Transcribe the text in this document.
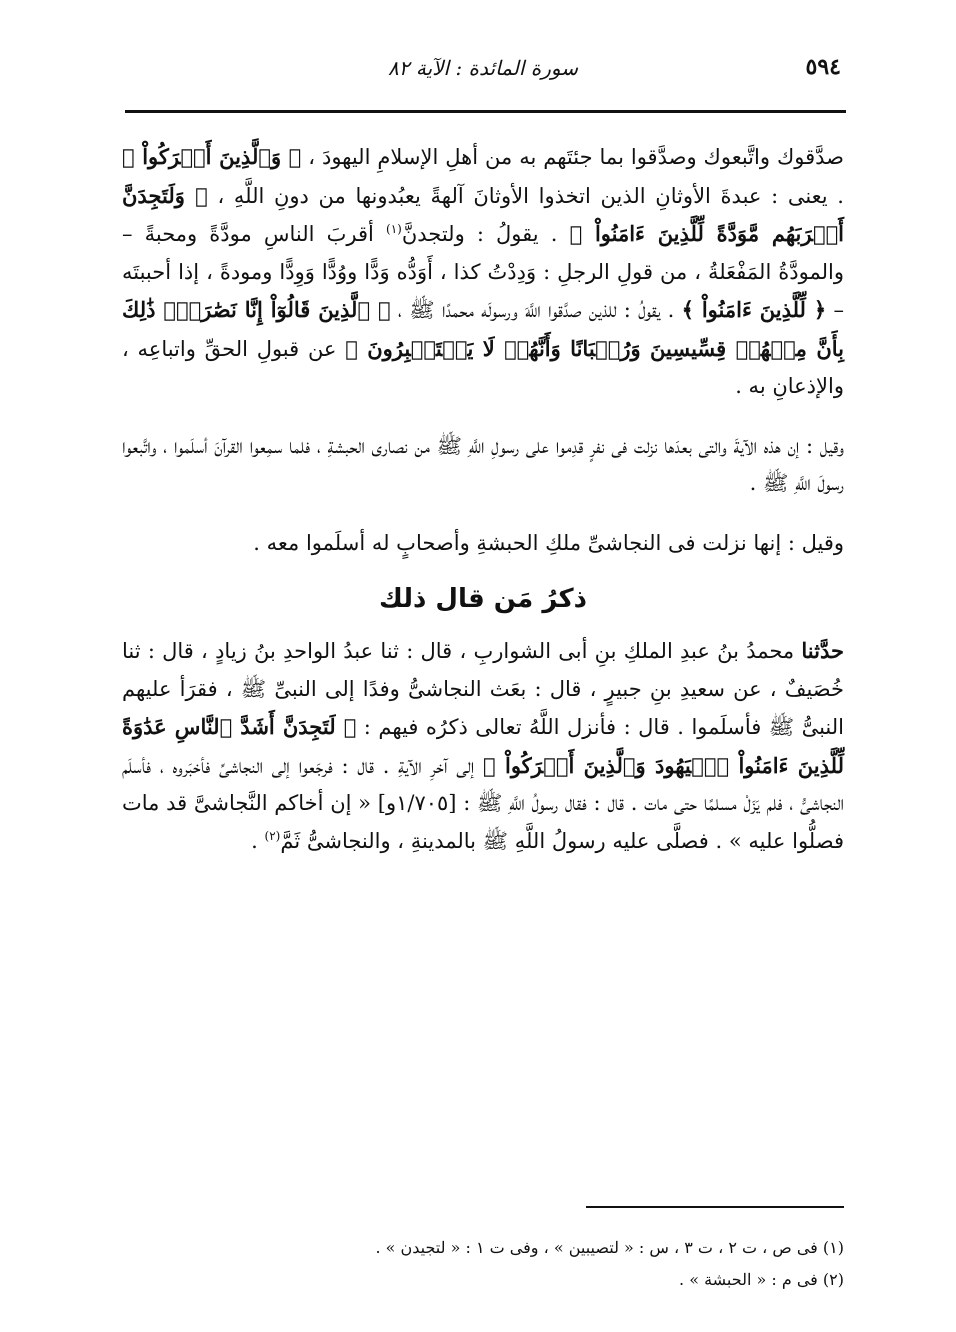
٥٩٤
سورة المائدة : الآية ٨٢

صدَّقوك واتَّبعوك وصدَّقوا بما جئتَهم به من أهلِ الإسلامِ اليهودَ ، ﴿ وَٱلَّذِينَ أَشۡرَكُواْ ﴾ . يعنى : عبدةَ الأوثانِ الذين اتخذوا الأوثانَ آلهةً يعبُدونها من دونِ اللَّهِ ، ﴿ وَلَتَجِدَنَّ أَقۡرَبَهُم مَّوَدَّةً لِّلَّذِينَ ءَامَنُواْ ﴾ . يقولُ : ولتجدنَّ$^{(١)}$ أقربَ الناسِ مودَّةً ومحبةً – والمودَّةُ المَفْعَلةُ ، من قولِ الرجلِ : وَدِدْتُ كذا ، أَوَدُّه وَدًّا ووُدًّا وَوِدًّا ومودةً ، إذا أحببتَه – ﴿ لِّلَّذِينَ ءَامَنُواْ ﴾ . يقولُ : للذين صدَّقوا اللَّهَ ورسولَه محمدًا ﷺ ، ﴿ ٱلَّذِينَ قَالُوٓاْ إِنَّا نَصَٰرَىٰۚ ذَٰلِكَ بِأَنَّ مِنۡهُمۡ قِسِّيسِينَ وَرُهۡبَانًا وَأَنَّهُمۡ لَا يَسۡتَكۡبِرُونَ ﴾ عن قبولِ الحقِّ واتباعِه ، والإذعانِ به .

وقيل : إن هذه الآيةَ والتى بعدَها نزلت فى نفرٍ قدِموا على رسولِ اللَّهِ ﷺ من نصارى الحبشةِ ، فلما سمِعوا القرآنَ أسلَموا ، واتَّبعوا رسولَ اللَّهِ ﷺ .

وقيل : إنها نزلت فى النجاشىِّ ملكِ الحبشةِ وأصحابٍ له أسلَموا معه .

ذكرُ مَن قال ذلك

حدَّثنا محمدُ بنُ عبدِ الملكِ بنِ أبى الشواربِ ، قال : ثنا عبدُ الواحدِ بنُ زيادٍ ، قال : ثنا خُصَيفٌ ، عن سعيدِ بنِ جبيرٍ ، قال : بعَث النجاشىُّ وفدًا إلى النبىِّ ﷺ ، فقرَأ عليهم النبىُّ ﷺ فأسلَموا . قال : فأنزل اللَّهُ تعالى ذكرُه فيهم : ﴿ لَتَجِدَنَّ أَشَدَّ ٱلنَّاسِ عَدَٰوَةً لِّلَّذِينَ ءَامَنُواْ ٱلۡيَهُودَ وَٱلَّذِينَ أَشۡرَكُواْ ﴾ إلى آخرِ الآيةِ . قال : فرجَعوا إلى النجاشىِّ فأخبَروه ، فأسلَم النجاشىُّ ، فلم يَزَلْ مسلمًا حتى مات . قال : فقال رسولُ اللَّهِ ﷺ : [١/٧٠٥و] « إن أخاكم النَّجاشىَّ قد مات فصلُّوا عليه » . فصلَّى عليه رسولُ اللَّهِ ﷺ بالمدينةِ ، والنجاشىُّ ثَمَّ$^{(٢)}$ .

(١) فى ص ، ت ٢ ، ت ٣ ، س : « لتصيبين » ، وفى ت ١ : « لتجيدن » .

(٢) فى م : « الحبشة » .
